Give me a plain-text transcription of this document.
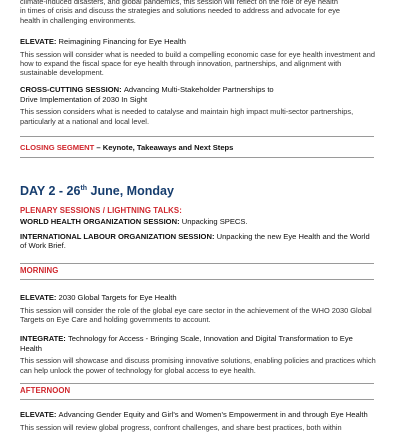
climate-induced disasters, and global pandemics, this session will reflect on the role of eye health
in times of crisis and discuss the strategies and solutions needed to address and advocate for eye
health in challenging environments.

ELEVATE: Reimagining Financing for Eye Health

This session will consider what is needed to build a compelling economic case for eye health investment and how to expand the fiscal space for eye health through innovation, partnerships, and alignment with sustainable development.

CROSS-CUTTING SESSION: Advancing Multi-Stakeholder Partnerships to
Drive Implementation of 2030 In Sight

This session considers what is needed to catalyse and maintain high impact multi-sector partnerships, particularly at a national and local level.

CLOSING SEGMENT – Keynote, Takeaways and Next Steps

DAY 2 - 26th June, Monday

PLENARY SESSIONS / LIGHTNING TALKS:

WORLD HEALTH ORGANIZATION SESSION: Unpacking SPECS.

INTERNATIONAL LABOUR ORGANIZATION SESSION: Unpacking the new Eye Health and the World of Work Brief.

MORNING

ELEVATE: 2030 Global Targets for Eye Health

This session will consider the role of the global eye care sector in the achievement of the WHO 2030 Global Targets on Eye Care and holding governments to account.

INTEGRATE: Technology for Access - Bringing Scale, Innovation and Digital Transformation to Eye Health

This session will showcase and discuss promising innovative solutions, enabling policies and practices which can help unlock the power of technology for global access to eye health.

AFTERNOON

ELEVATE: Advancing Gender Equity and Girl's and Women's Empowerment in and through Eye Health

This session will review global progress, confront challenges, and share best practices, both within
